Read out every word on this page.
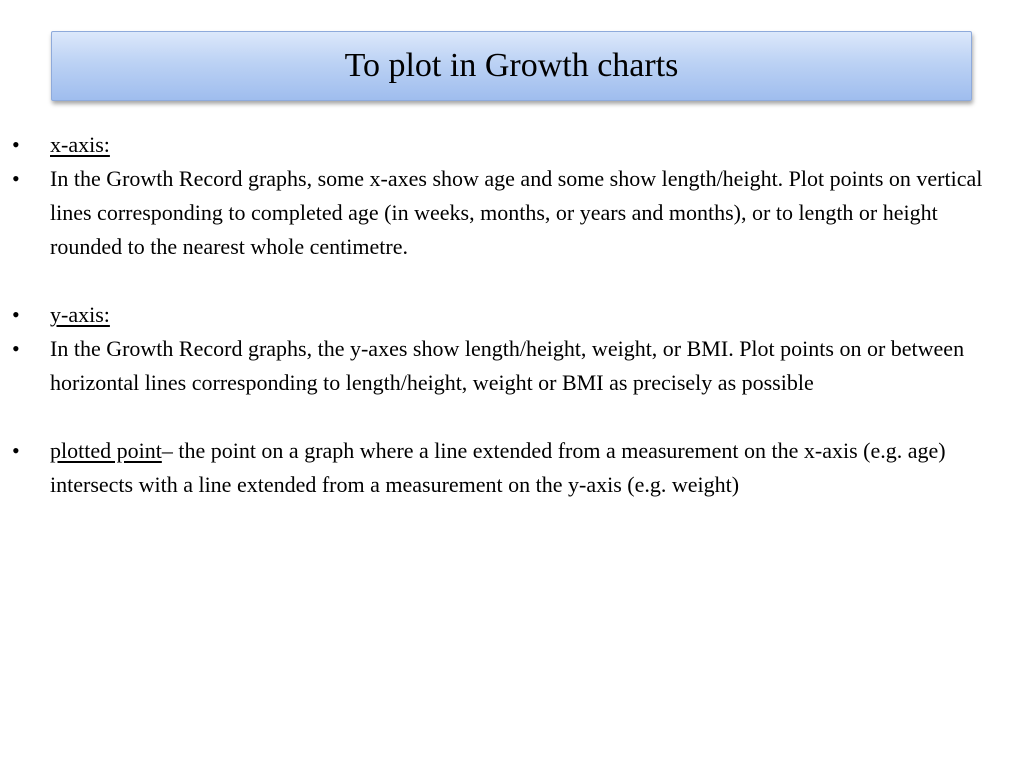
To plot in Growth charts
•	x-axis:
•	In the Growth Record graphs, some x-axes show age and some show length/height. Plot points on vertical lines corresponding to completed age (in weeks, months, or years and months), or to length or height rounded to the nearest whole centimetre.
•	y-axis:
•	In the Growth Record graphs, the y-axes show length/height, weight, or BMI. Plot points on or between horizontal lines corresponding to length/height, weight or BMI as precisely as possible
•	plotted point– the point on a graph where a line extended from a measurement on the x-axis (e.g. age) intersects with a line extended from a measurement on the y-axis (e.g. weight)
